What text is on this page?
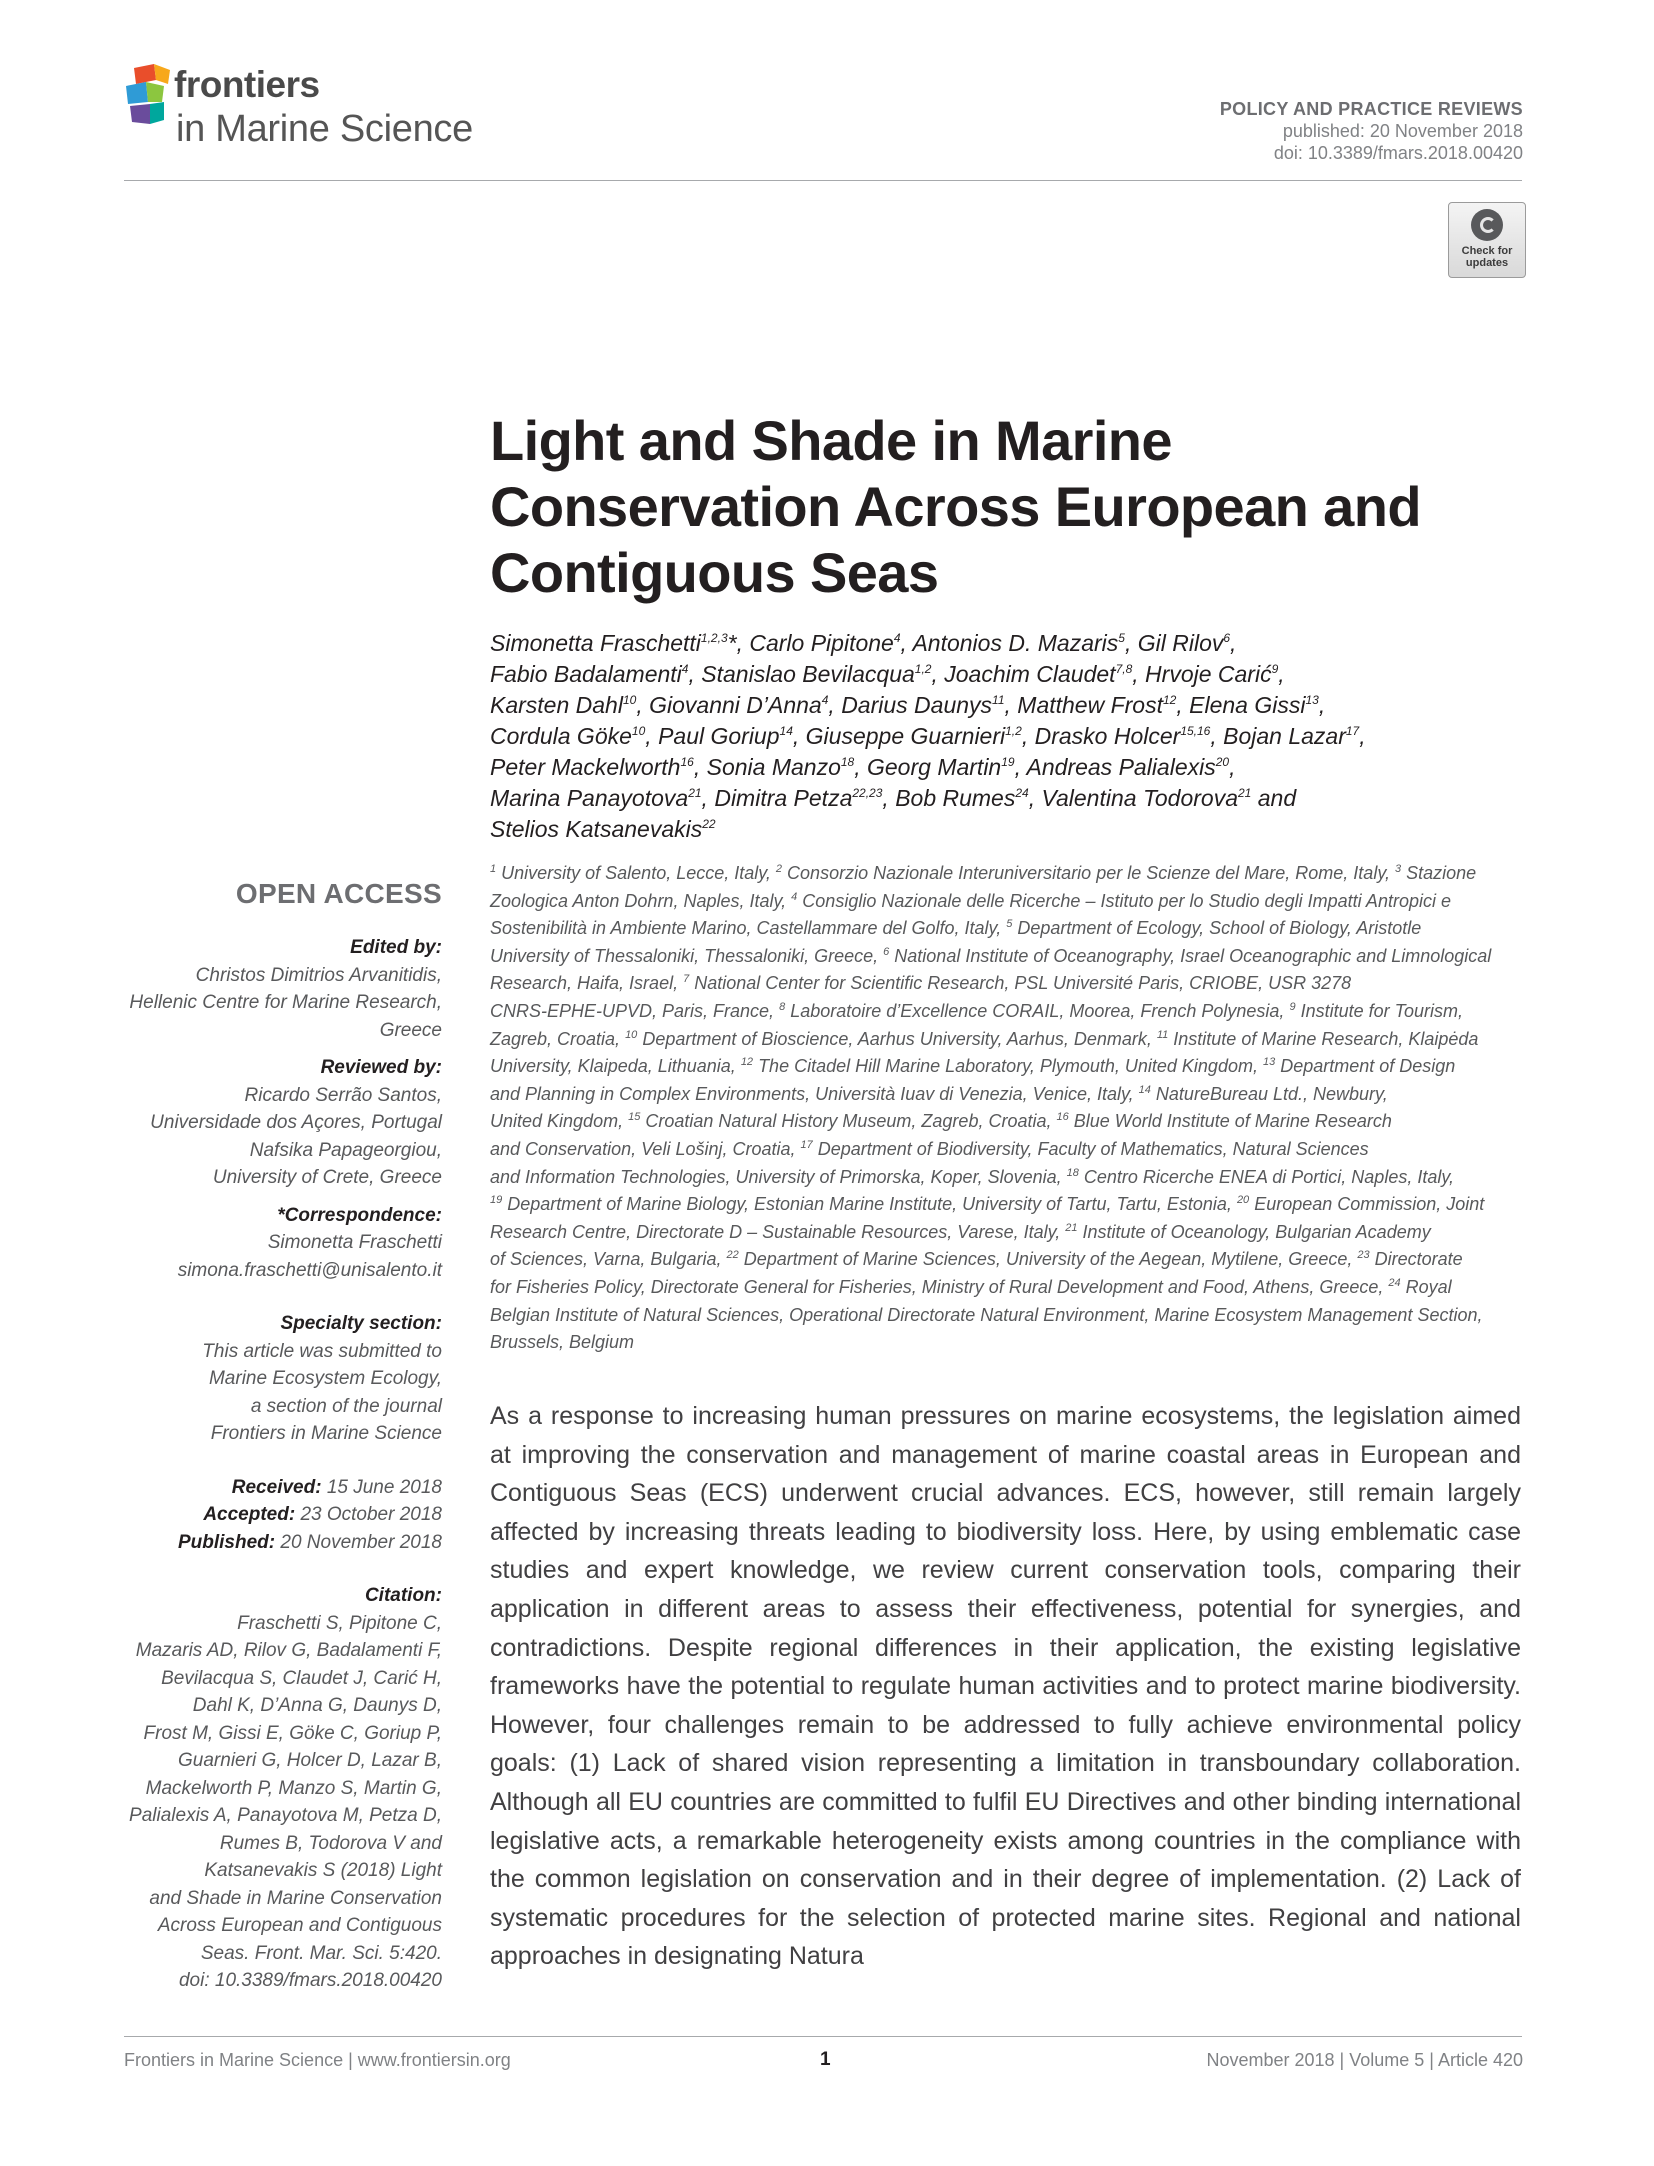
frontiers
in Marine Science	POLICY AND PRACTICE REVIEWS
published: 20 November 2018
doi: 10.3389/fmars.2018.00420
Check for
updates
Light and Shade in Marine
Conservation Across European and
Contiguous Seas
Simonetta Fraschetti$^{1,2,3}$*, Carlo Pipitone$^4$, Antonios D. Mazaris$^5$, Gil Rilov$^6$,
Fabio Badalamenti$^4$, Stanislao Bevilacqua$^{1,2}$, Joachim Claudet$^{7,8}$, Hrvoje Carić$^9$,
Karsten Dahl$^{10}$, Giovanni D’Anna$^4$, Darius Daunys$^{11}$, Matthew Frost$^{12}$, Elena Gissi$^{13}$,
Cordula Göke$^{10}$, Paul Goriup$^{14}$, Giuseppe Guarnieri$^{1,2}$, Drasko Holcer$^{15,16}$, Bojan Lazar$^{17}$,
Peter Mackelworth$^{16}$, Sonia Manzo$^{18}$, Georg Martin$^{19}$, Andreas Palialexis$^{20}$,
Marina Panayotova$^{21}$, Dimitra Petza$^{22,23}$, Bob Rumes$^{24}$, Valentina Todorova$^{21}$ and
Stelios Katsanevakis$^{22}$
$^1$ University of Salento, Lecce, Italy, $^2$ Consorzio Nazionale Interuniversitario per le Scienze del Mare, Rome, Italy, $^3$ Stazione
Zoologica Anton Dohrn, Naples, Italy, $^4$ Consiglio Nazionale delle Ricerche – Istituto per lo Studio degli Impatti Antropici e
Sostenibilità in Ambiente Marino, Castellammare del Golfo, Italy, $^5$ Department of Ecology, School of Biology, Aristotle
University of Thessaloniki, Thessaloniki, Greece, $^6$ National Institute of Oceanography, Israel Oceanographic and Limnological
Research, Haifa, Israel, $^7$ National Center for Scientific Research, PSL Université Paris, CRIOBE, USR 3278
CNRS-EPHE-UPVD, Paris, France, $^8$ Laboratoire d’Excellence CORAIL, Moorea, French Polynesia, $^9$ Institute for Tourism,
Zagreb, Croatia, $^{10}$ Department of Bioscience, Aarhus University, Aarhus, Denmark, $^{11}$ Institute of Marine Research, Klaipėda
University, Klaipeda, Lithuania, $^{12}$ The Citadel Hill Marine Laboratory, Plymouth, United Kingdom, $^{13}$ Department of Design
and Planning in Complex Environments, Università Iuav di Venezia, Venice, Italy, $^{14}$ NatureBureau Ltd., Newbury,
United Kingdom, $^{15}$ Croatian Natural History Museum, Zagreb, Croatia, $^{16}$ Blue World Institute of Marine Research
and Conservation, Veli Lošinj, Croatia, $^{17}$ Department of Biodiversity, Faculty of Mathematics, Natural Sciences
and Information Technologies, University of Primorska, Koper, Slovenia, $^{18}$ Centro Ricerche ENEA di Portici, Naples, Italy,
$^{19}$ Department of Marine Biology, Estonian Marine Institute, University of Tartu, Tartu, Estonia, $^{20}$ European Commission, Joint
Research Centre, Directorate D – Sustainable Resources, Varese, Italy, $^{21}$ Institute of Oceanology, Bulgarian Academy
of Sciences, Varna, Bulgaria, $^{22}$ Department of Marine Sciences, University of the Aegean, Mytilene, Greece, $^{23}$ Directorate
for Fisheries Policy, Directorate General for Fisheries, Ministry of Rural Development and Food, Athens, Greece, $^{24}$ Royal
Belgian Institute of Natural Sciences, Operational Directorate Natural Environment, Marine Ecosystem Management Section,
Brussels, Belgium
OPEN ACCESS
Edited by:
Christos Dimitrios Arvanitidis,
Hellenic Centre for Marine Research,
Greece
Reviewed by:
Ricardo Serrão Santos,
Universidade dos Açores, Portugal
Nafsika Papageorgiou,
University of Crete, Greece
*Correspondence:
Simonetta Fraschetti
simona.fraschetti@unisalento.it
Specialty section:
This article was submitted to
Marine Ecosystem Ecology,
a section of the journal
Frontiers in Marine Science
Received: 15 June 2018
Accepted: 23 October 2018
Published: 20 November 2018
Citation:
Fraschetti S, Pipitone C,
Mazaris AD, Rilov G, Badalamenti F,
Bevilacqua S, Claudet J, Carić H,
Dahl K, D’Anna G, Daunys D,
Frost M, Gissi E, Göke C, Goriup P,
Guarnieri G, Holcer D, Lazar B,
Mackelworth P, Manzo S, Martin G,
Palialexis A, Panayotova M, Petza D,
Rumes B, Todorova V and
Katsanevakis S (2018) Light
and Shade in Marine Conservation
Across European and Contiguous
Seas. Front. Mar. Sci. 5:420.
doi: 10.3389/fmars.2018.00420
As a response to increasing human pressures on marine ecosystems, the legislation aimed at improving the conservation and management of marine coastal areas in European and Contiguous Seas (ECS) underwent crucial advances. ECS, however, still remain largely affected by increasing threats leading to biodiversity loss. Here, by using emblematic case studies and expert knowledge, we review current conservation tools, comparing their application in different areas to assess their effectiveness, potential for synergies, and contradictions. Despite regional differences in their application, the existing legislative frameworks have the potential to regulate human activities and to protect marine biodiversity. However, four challenges remain to be addressed to fully achieve environmental policy goals: (1) Lack of shared vision representing a limitation in transboundary collaboration. Although all EU countries are committed to fulfil EU Directives and other binding international legislative acts, a remarkable heterogeneity exists among countries in the compliance with the common legislation on conservation and in their degree of implementation. (2) Lack of systematic procedures for the selection of protected marine sites. Regional and national approaches in designating Natura
Frontiers in Marine Science | www.frontiersin.org	1	November 2018 | Volume 5 | Article 420
